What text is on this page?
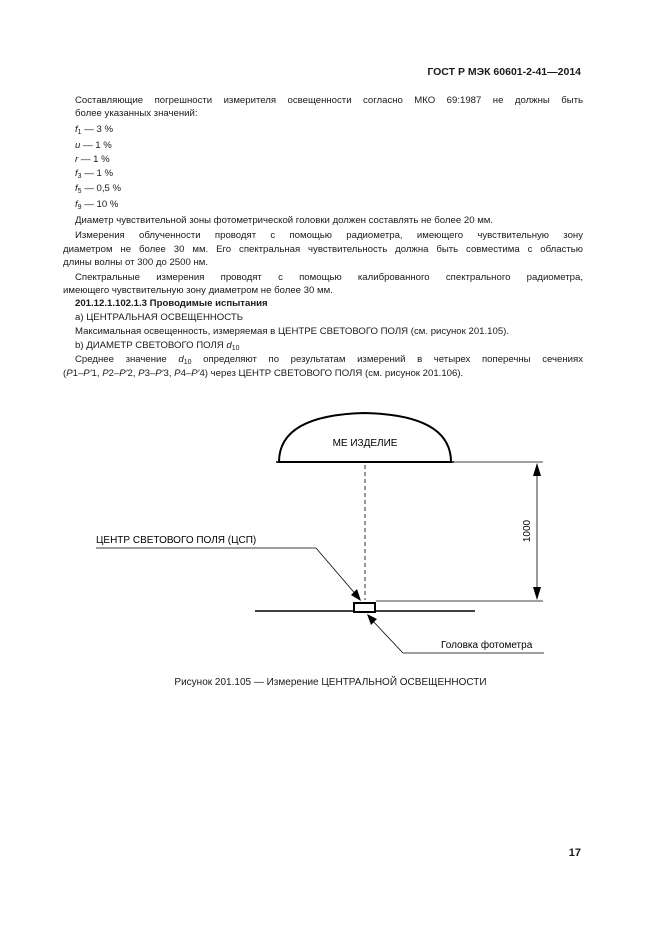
ГОСТ Р МЭК 60601-2-41—2014
Составляющие погрешности измерителя освещенности согласно МКО 69:1987 не должны быть
более указанных значений:
$f_1$ — 3 %
u — 1 %
r — 1 %
$f_3$ — 1 %
$f_5$ — 0,5 %
$f_9$ — 10 %
Диаметр чувствительной зоны фотометрической головки должен составлять не более 20 мм.
Измерения облученности проводят с помощью радиометра, имеющего чувствительную зону
диаметром не более 30 мм. Его спектральная чувствительность должна быть совместима с областью
длины волны от 300 до 2500 нм.
Спектральные измерения проводят с помощью калиброванного спектрального радиометра,
имеющего чувствительную зону диаметром не более 30 мм.
201.12.1.102.1.3 Проводимые испытания
a) ЦЕНТРАЛЬНАЯ ОСВЕЩЕННОСТЬ
Максимальная освещенность, измеряемая в ЦЕНТРЕ СВЕТОВОГО ПОЛЯ (см. рисунок 201.105).
b) ДИАМЕТР СВЕТОВОГО ПОЛЯ $d_{10}$
Среднее значение $d_{10}$ определяют по результатам измерений в четырех поперечны сечениях
(P1–P′1, P2–P′2, P3–P′3, P4–P′4) через ЦЕНТР СВЕТОВОГО ПОЛЯ (см. рисунок 201.106).
МЕ ИЗДЕЛИЕ
1000
ЦЕНТР СВЕТОВОГО ПОЛЯ (ЦСП)
Головка фотометра
Рисунок 201.105 — Измерение ЦЕНТРАЛЬНОЙ ОСВЕЩЕННОСТИ
17
